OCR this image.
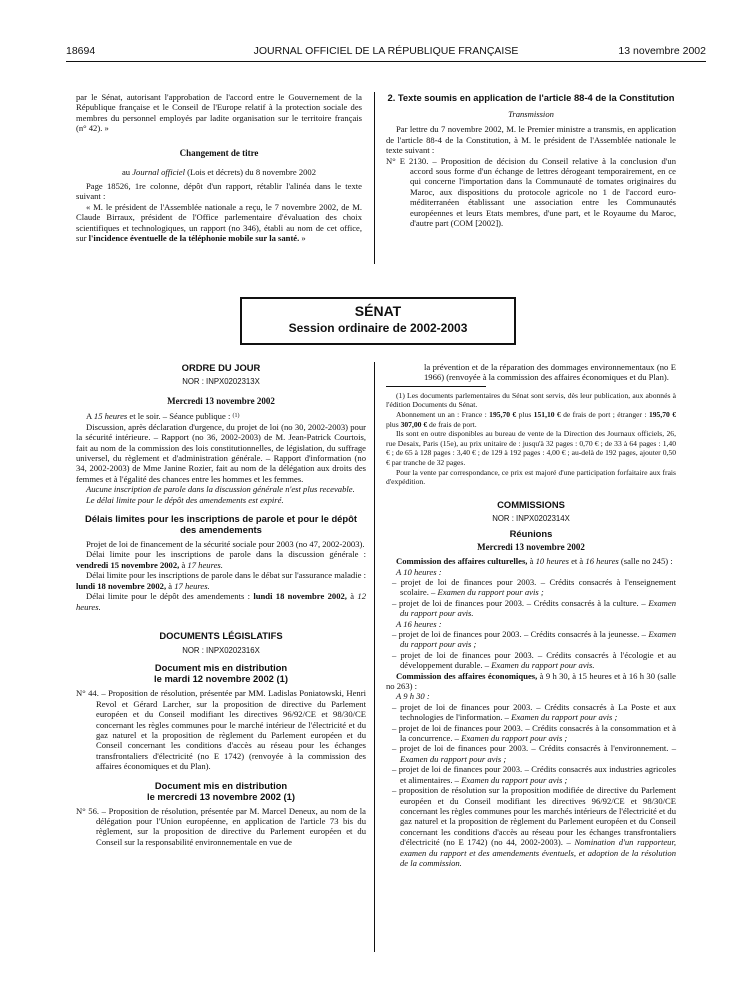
18694	JOURNAL OFFICIEL DE LA RÉPUBLIQUE FRANÇAISE	13 novembre 2002

par le Sénat, autorisant l'approbation de l'accord entre le Gouvernement de la République française et le Conseil de l'Europe relatif à la protection sociale des membres du personnel employés par ladite organisation sur le territoire français (n° 42). »

Changement de titre

au Journal officiel (Lois et décrets) du 8 novembre 2002

Page 18526, 1re colonne, dépôt d'un rapport, rétablir l'alinéa dans le texte suivant :

« M. le président de l'Assemblée nationale a reçu, le 7 novembre 2002, de M. Claude Birraux, président de l'Office parlementaire d'évaluation des choix scientifiques et technologiques, un rapport (no 346), établi au nom de cet office, sur l'incidence éventuelle de la téléphonie mobile sur la santé. »

2. Texte soumis en application de l'article 88-4 de la Constitution

Transmission

Par lettre du 7 novembre 2002, M. le Premier ministre a transmis, en application de l'article 88-4 de la Constitution, à M. le président de l'Assemblée nationale le texte suivant :

N° E 2130. – Proposition de décision du Conseil relative à la conclusion d'un accord sous forme d'un échange de lettres dérogeant temporairement, en ce qui concerne l'importation dans la Communauté de tomates originaires du Maroc, aux dispositions du protocole agricole no 1 de l'accord euro-méditerranéen établissant une association entre les Communautés européennes et leurs Etats membres, d'une part, et le Royaume du Maroc, d'autre part (COM [2002]).

SÉNAT
Session ordinaire de 2002-2003
ORDRE DU JOUR
NOR : INPX0202313X
Mercredi 13 novembre 2002

A 15 heures et le soir. – Séance publique : $^{(1)}$

Discussion, après déclaration d'urgence, du projet de loi (no 30, 2002-2003) pour la sécurité intérieure. – Rapport (no 36, 2002-2003) de M. Jean-Patrick Courtois, fait au nom de la commission des lois constitutionnelles, de législation, du suffrage universel, du règlement et d'administration générale. – Rapport d'information (no 34, 2002-2003) de Mme Janine Rozier, fait au nom de la délégation aux droits des femmes et à l'égalité des chances entre les hommes et les femmes.

Aucune inscription de parole dans la discussion générale n'est plus recevable.

Le délai limite pour le dépôt des amendements est expiré.

Délais limites pour les inscriptions de parole et pour le dépôt des amendements

Projet de loi de financement de la sécurité sociale pour 2003 (no 47, 2002-2003).

Délai limite pour les inscriptions de parole dans la discussion générale : vendredi 15 novembre 2002, à 17 heures.

Délai limite pour les inscriptions de parole dans le débat sur l'assurance maladie : lundi 18 novembre 2002, à 17 heures.

Délai limite pour le dépôt des amendements : lundi 18 novembre 2002, à 12 heures.

DOCUMENTS LÉGISLATIFS
NOR : INPX0202316X
Document mis en distribution
le mardi 12 novembre 2002 (1)

N° 44. – Proposition de résolution, présentée par MM. Ladislas Poniatowski, Henri Revol et Gérard Larcher, sur la proposition de directive du Parlement européen et du Conseil modifiant les directives 96/92/CE et 98/30/CE concernant les règles communes pour le marché intérieur de l'électricité et du gaz naturel et la proposition de règlement du Parlement européen et du Conseil concernant les conditions d'accès au réseau pour les échanges transfrontaliers d'électricité (no E 1742) (renvoyée à la commission des affaires économiques et du Plan).

Document mis en distribution
le mercredi 13 novembre 2002 (1)

N° 56. – Proposition de résolution, présentée par M. Marcel Deneux, au nom de la délégation pour l'Union européenne, en application de l'article 73 bis du règlement, sur la proposition de directive du Parlement européen et du Conseil sur la responsabilité environnementale en vue de

la prévention et de la réparation des dommages environnementaux (no E 1966) (renvoyée à la commission des affaires économiques et du Plan).

(1) Les documents parlementaires du Sénat sont servis, dès leur publication, aux abonnés à l'édition Documents du Sénat.

Abonnement un an : France : 195,70 € plus 151,10 € de frais de port ; étranger : 195,70 € plus 307,00 € de frais de port.

Ils sont en outre disponibles au bureau de vente de la Direction des Journaux officiels, 26, rue Desaix, Paris (15e), au prix unitaire de : jusqu'à 32 pages : 0,70 € ; de 33 à 64 pages : 1,40 € ; de 65 à 128 pages : 3,40 € ; de 129 à 192 pages : 4,00 € ; au-delà de 192 pages, ajouter 0,50 € par tranche de 32 pages.

Pour la vente par correspondance, ce prix est majoré d'une participation forfaitaire aux frais d'expédition.

COMMISSIONS
NOR : INPX0202314X
Réunions
Mercredi 13 novembre 2002

Commission des affaires culturelles, à 10 heures et à 16 heures (salle no 245) :

A 10 heures :

– projet de loi de finances pour 2003. – Crédits consacrés à l'enseignement scolaire. – Examen du rapport pour avis ;

– projet de loi de finances pour 2003. – Crédits consacrés à la culture. – Examen du rapport pour avis.

A 16 heures :

– projet de loi de finances pour 2003. – Crédits consacrés à la jeunesse. – Examen du rapport pour avis ;

– projet de loi de finances pour 2003. – Crédits consacrés à l'écologie et au développement durable. – Examen du rapport pour avis.

Commission des affaires économiques, à 9 h 30, à 15 heures et à 16 h 30 (salle no 263) :

A 9 h 30 :

– projet de loi de finances pour 2003. – Crédits consacrés à La Poste et aux technologies de l'information. – Examen du rapport pour avis ;

– projet de loi de finances pour 2003. – Crédits consacrés à la consommation et à la concurrence. – Examen du rapport pour avis ;

– projet de loi de finances pour 2003. – Crédits consacrés à l'environnement. – Examen du rapport pour avis ;

– projet de loi de finances pour 2003. – Crédits consacrés aux industries agricoles et alimentaires. – Examen du rapport pour avis ;

– proposition de résolution sur la proposition modifiée de directive du Parlement européen et du Conseil modifiant les directives 96/92/CE et 98/30/CE concernant les règles communes pour les marchés intérieurs de l'électricité et du gaz naturel et la proposition de règlement du Parlement européen et du Conseil concernant les conditions d'accès au réseau pour les échanges transfrontaliers d'électricité (no E 1742) (no 44, 2002-2003). – Nomination d'un rapporteur, examen du rapport et des amendements éventuels, et adoption de la résolution de la commission.
